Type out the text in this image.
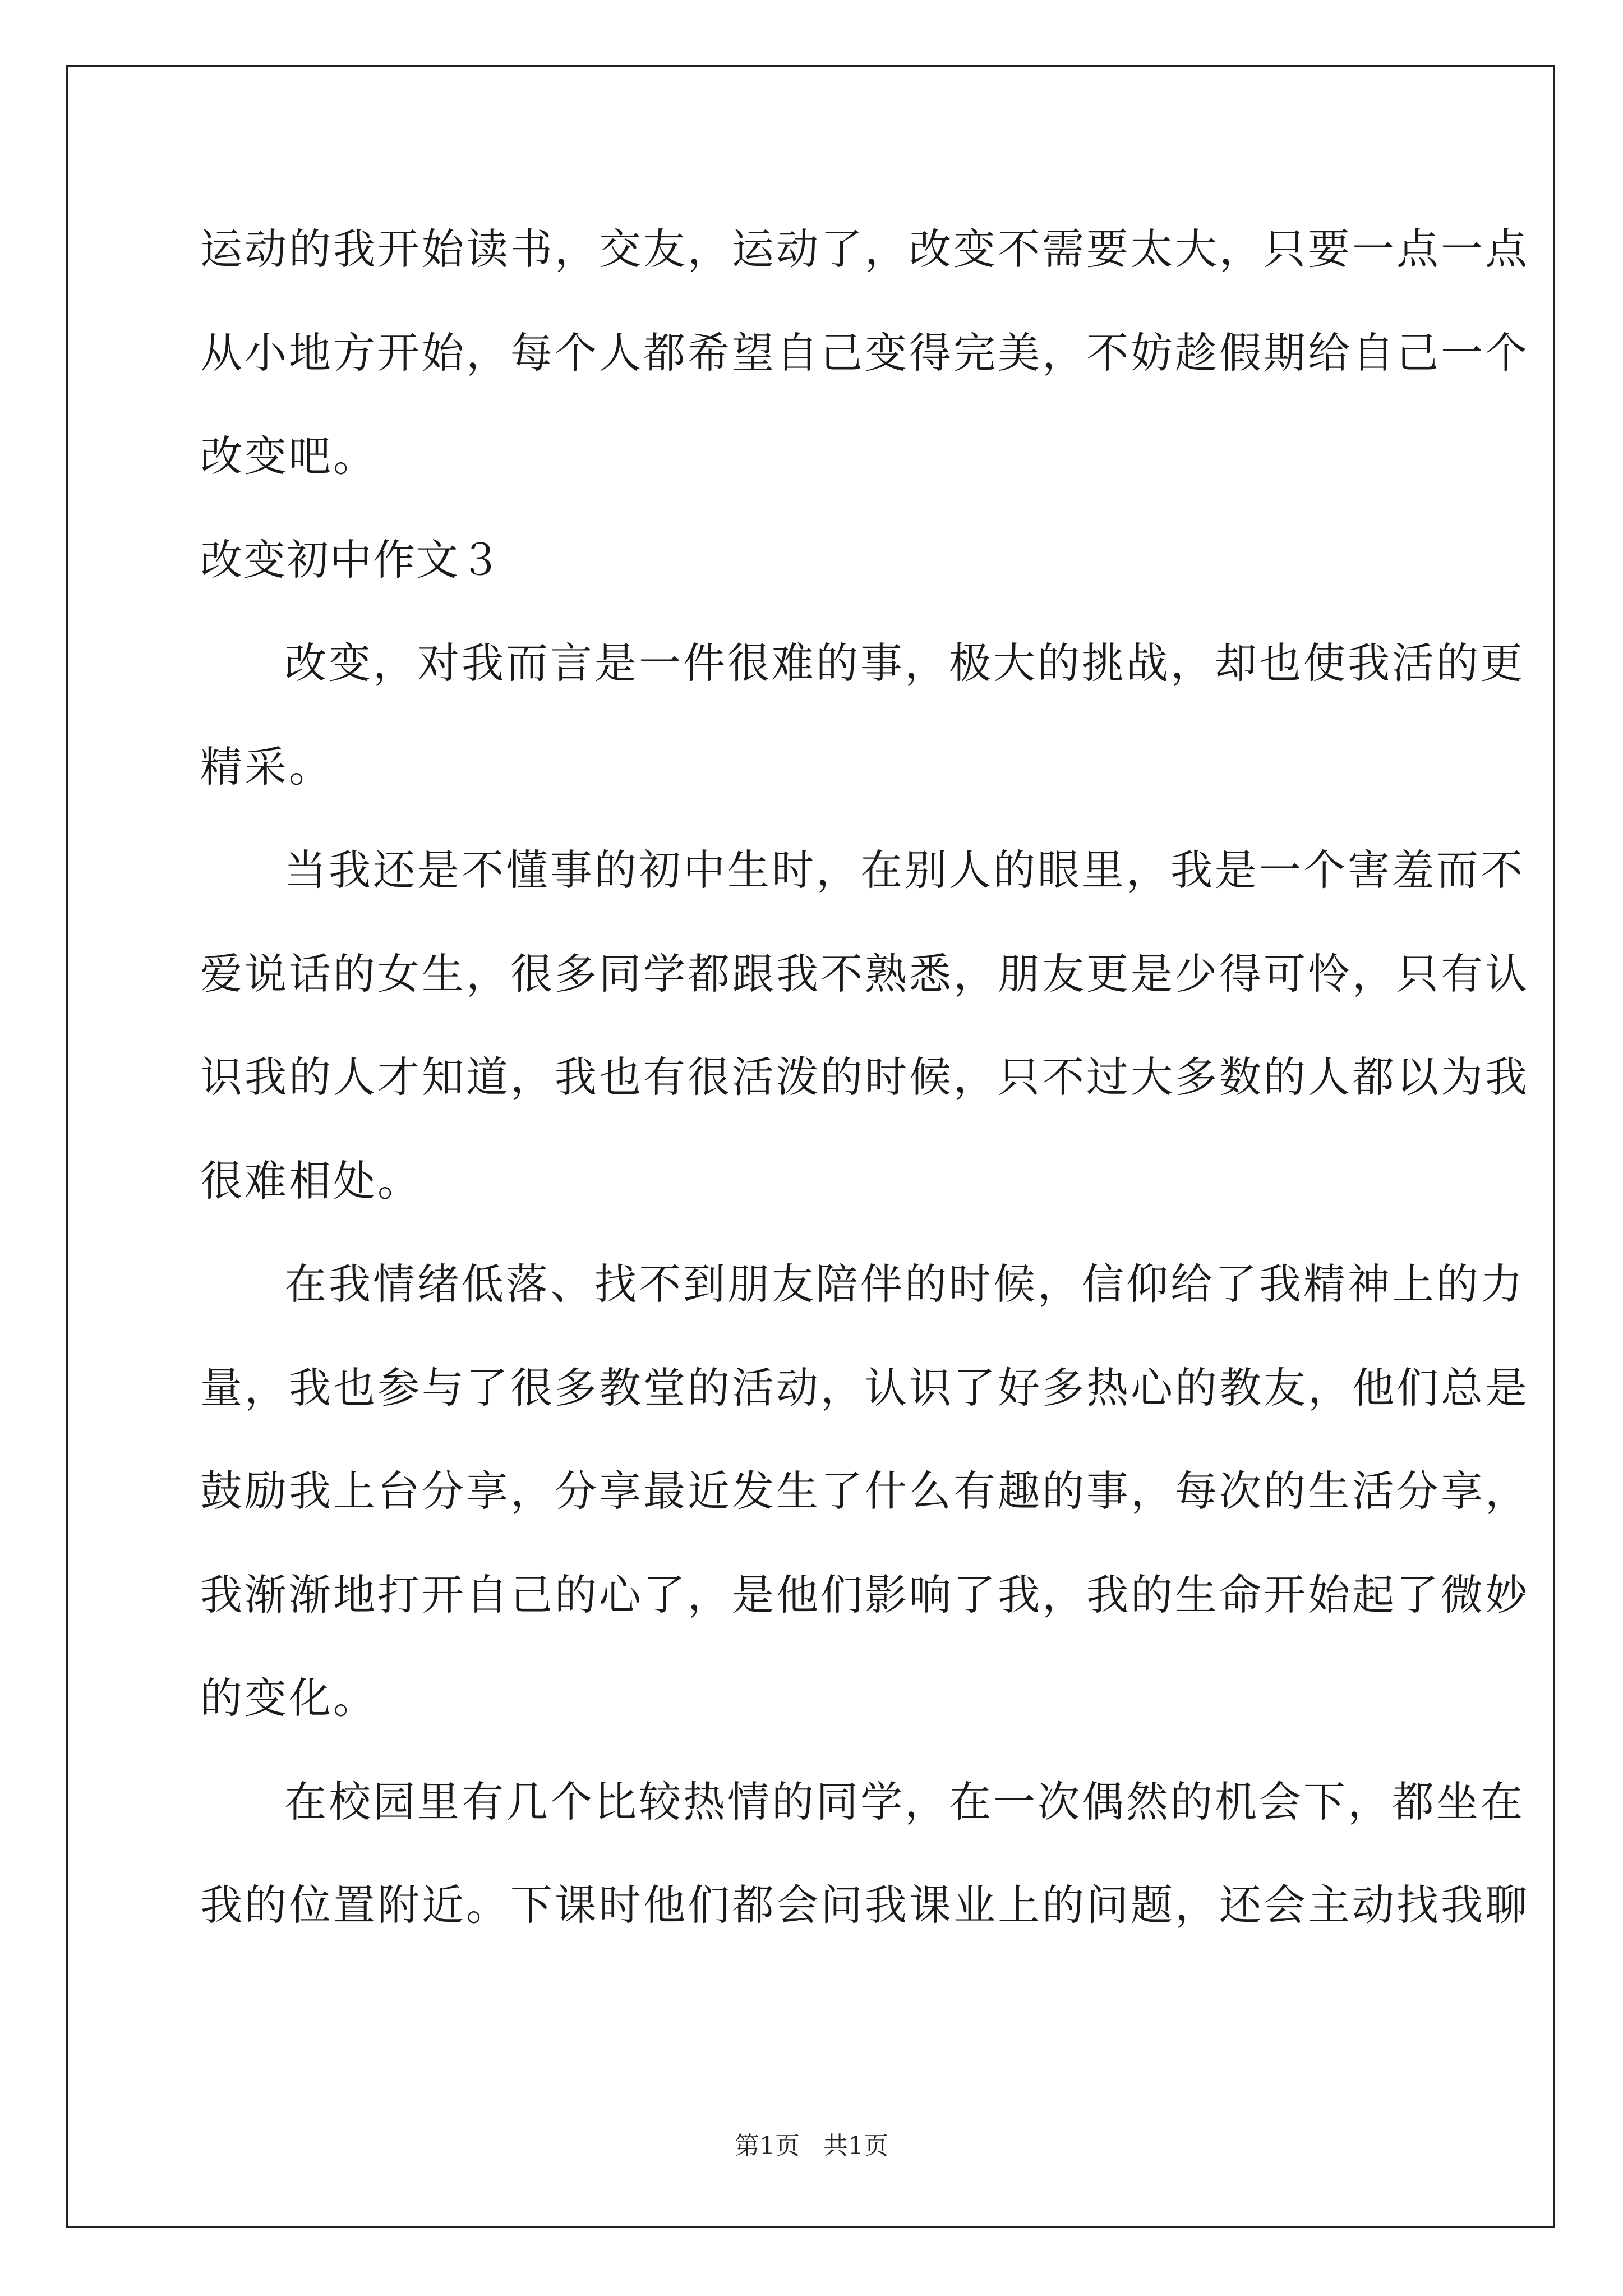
运动的我开始读书，交友，运动了，改变不需要太大，只要一点一点
从小地方开始，每个人都希望自己变得完美，不妨趁假期给自己一个
改变吧。
改变初中作文３
改变，对我而言是一件很难的事，极大的挑战，却也使我活的更
精采。
当我还是不懂事的初中生时，在别人的眼里，我是一个害羞而不
爱说话的女生，很多同学都跟我不熟悉，朋友更是少得可怜，只有认
识我的人才知道，我也有很活泼的时候，只不过大多数的人都以为我
很难相处。
在我情绪低落、找不到朋友陪伴的时候，信仰给了我精神上的力
量，我也参与了很多教堂的活动，认识了好多热心的教友，他们总是
鼓励我上台分享，分享最近发生了什么有趣的事，每次的生活分享，
我渐渐地打开自己的心了，是他们影响了我，我的生命开始起了微妙
的变化。
在校园里有几个比较热情的同学，在一次偶然的机会下，都坐在
我的位置附近。下课时他们都会问我课业上的问题，还会主动找我聊
第1页   共1页
